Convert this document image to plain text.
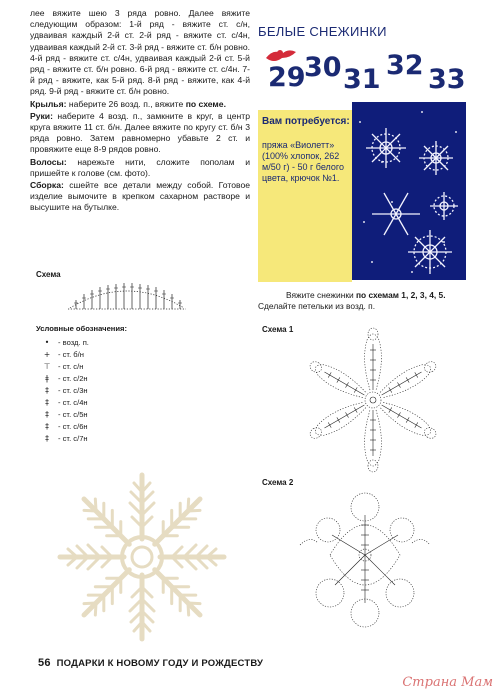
лее вяжите шею 3 ряда ровно. Далее вяжите следующим образом: 1-й ряд - вяжите ст. с/н, удваивая каждый 2-й ст. 2-й ряд - вяжите ст. с/4н, удваивая каждый 2-й ст. 3-й ряд - вяжите ст. б/н ровно. 4-й ряд - вяжите ст. с/4н, удваивая каждый 2-й ст. 5-й ряд - вяжите ст. б/н ровно. 6-й ряд - вяжите ст. с/4н. 7-й ряд - вяжите, как 5-й ряд. 8-й ряд - вяжите, как 4-й ряд. 9-й ряд - вяжите ст. б/н ровно.

Крылья: наберите 26 возд. п., вяжите по схеме.

Руки: наберите 4 возд. п., замкните в круг, в центр круга вяжите 11 ст. б/н. Далее вяжите по кругу ст. б/н 3 ряда ровно. Затем равномерно убавьте 2 ст. и провяжите еще 8-9 рядов ровно.

Волосы: нарежьте нити, сложите пополам и пришейте к голове (см. фото).

Сборка: сшейте все детали между собой. Готовое изделие вымочите в крепком сахарном растворе и высушите на бутылке.

Схема
Условные обозначения:
•	- возд. п.
+	- ст. б/н
⊤	- ст. с/н
ǂ	- ст. с/2н
‡	- ст. с/3н
‡	- ст. с/4н
‡	- ст. с/5н
‡	- ст. с/6н
‡	- ст. с/7н
БЕЛЫЕ СНЕЖИНКИ
29
30 31 32 33
Вам потребуется:
пряжа «Виолетт» (100% хлопок, 262 м/50 г) - 50 г белого цвета, крючок №1.
Вяжите снежинки по схемам 1, 2, 3, 4, 5.
Сделайте петельки из возд. п.
Схема 1
Схема 2
56 ПОДАРКИ К НОВОМУ ГОДУ И РОЖДЕСТВУ
Страна Мам
